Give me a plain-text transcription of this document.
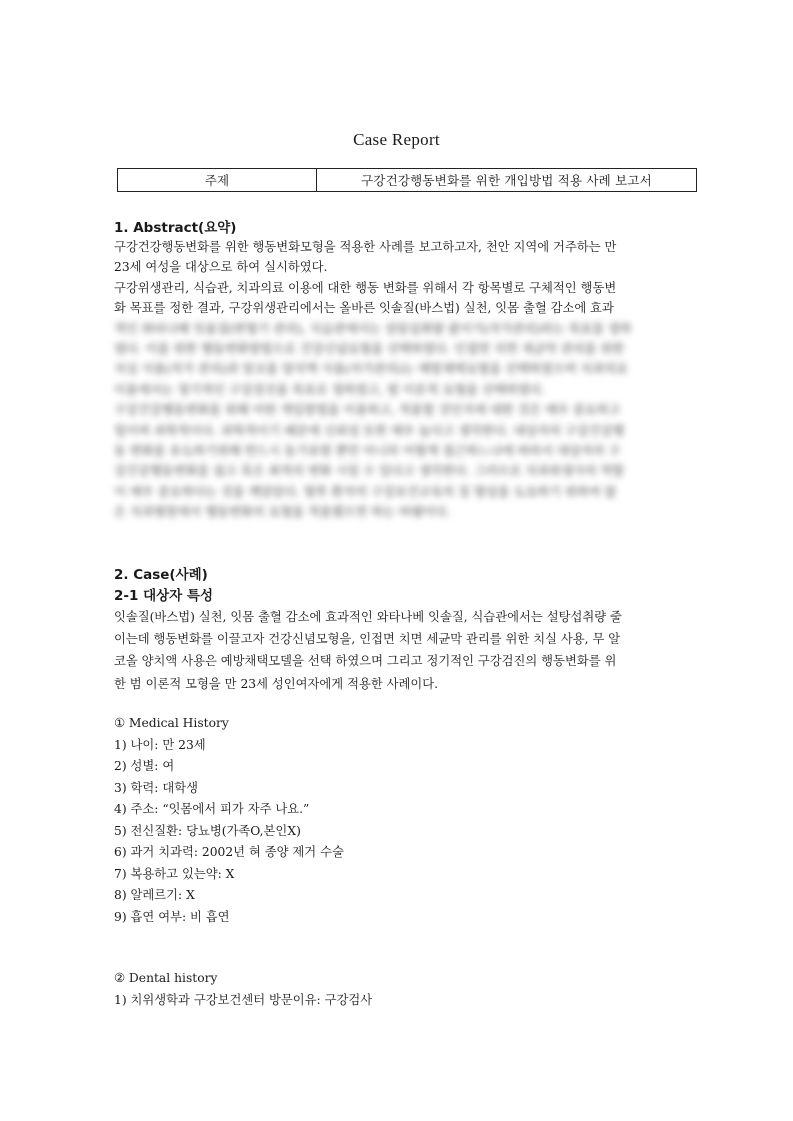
Case Report
주제	구강건강행동변화를 위한 개입방법 적용 사례 보고서
1. Abstract(요약)
구강건강행동변화를 위한 행동변화모형을 적용한 사례를 보고하고자, 천안 지역에 거주하는 만
23세 여성을 대상으로 하여 실시하였다.
구강위생관리, 식습관, 치과의료 이용에 대한 행동 변화를 위해서 각 항목별로 구체적인 행동변
화 목표를 정한 결과, 구강위생관리에서는 올바른 잇솔질(바스법) 실천, 잇몸 출혈 감소에 효과
적인 와타나베 잇솔질(변형기 관리), 식습관에서는 설탕섭취량 줄이기(자가관리)라는 목표를 정하
였다. 이를 위한 행동변화방법으로 건강신념모형을 선택하였다. 인접면 치면 세균막 관리를 위한
치실 사용(자가 관리)과 알코올 양치액 사용(자가관리)는 예방채택모형을 선택하였으며 치과의료
이용에서는 정기적인 구강검진을 목표로 정하였고, 범 이론적 모형을 선택하였다.
구강건강행동변화를 위해 어떤 개입방법을 이용하고, 적용할 것인지에 대한 것은 매우 중요하고
힘이며 과학적이다. 과학적이기 때문에 신뢰성 또한 매우 높다고 생각한다. 대상자의 구강건강행
동 변화를 유도하기위해 반드시 동기유발 뿐만 아니라 어떻게 접근하느냐에 따라서 대상자의 구
강건강행동변화를 쉽고 혹은 최적의 변화 시킬 수 있다고 생각한다. 그러므로 치과위생사의 역할
이 매우 중요하다는 것을 깨달았다. 향후 환자의 구강보건교육의 질 향상을 도모하기 위하여 많
은 치과병원에서 행동변화의 모형을 적용했으면 하는 바램이다.
2. Case(사례)
2-1 대상자 특성
잇솔질(바스법) 실천, 잇몸 출혈 감소에 효과적인 와타나베 잇솔질, 식습관에서는 설탕섭취량 줄
이는데 행동변화를 이끌고자 건강신념모형을, 인접면 치면 세균막 관리를 위한 치실 사용, 무 알
코올 양치액 사용은 예방채택모델을 선택 하였으며 그리고 정기적인 구강검진의 행동변화를 위
한 범 이론적 모형을 만 23세 성인여자에게 적용한 사례이다.
① Medical History
1) 나이: 만 23세
2) 성별: 여
3) 학력: 대학생
4) 주소: “잇몸에서 피가 자주 나요.”
5) 전신질환: 당뇨병(가족O,본인X)
6) 과거 치과력: 2002년 혀 종양 제거 수술
7) 복용하고 있는약: X
8) 알레르기: X
9) 흡연 여부: 비 흡연
② Dental history
1) 치위생학과 구강보건센터 방문이유: 구강검사
